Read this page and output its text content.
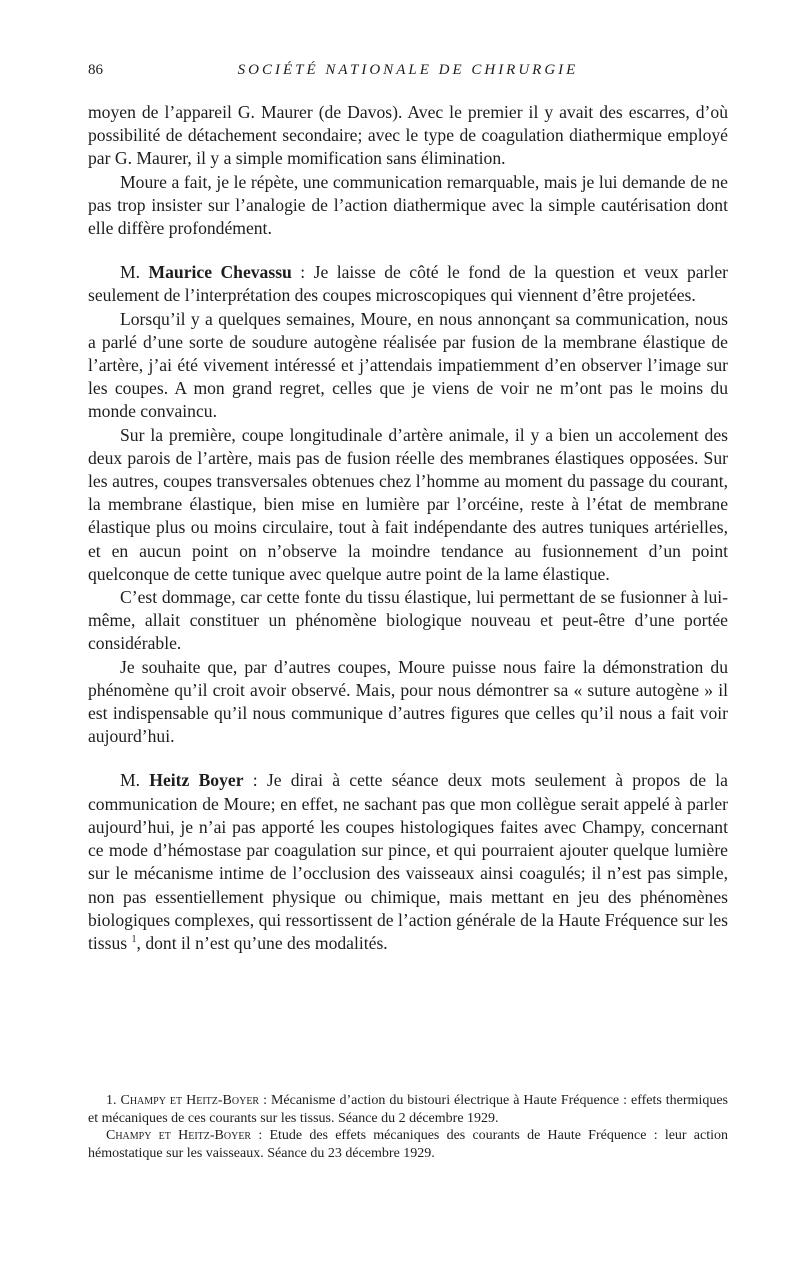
86	SOCIÉTÉ NATIONALE DE CHIRURGIE

moyen de l’appareil G. Maurer (de Davos). Avec le premier il y avait des escarres, d’où possibilité de détachement secondaire; avec le type de coagulation diathermique employé par G. Maurer, il y a simple momification sans élimination.

Moure a fait, je le répète, une communication remarquable, mais je lui demande de ne pas trop insister sur l’analogie de l’action diathermique avec la simple cautérisation dont elle diffère profondément.

M. Maurice Chevassu : Je laisse de côté le fond de la question et veux parler seulement de l’interprétation des coupes microscopiques qui viennent d’être projetées.

Lorsqu’il y a quelques semaines, Moure, en nous annonçant sa communication, nous a parlé d’une sorte de soudure autogène réalisée par fusion de la membrane élastique de l’artère, j’ai été vivement intéressé et j’attendais impatiemment d’en observer l’image sur les coupes. A mon grand regret, celles que je viens de voir ne m’ont pas le moins du monde convaincu.

Sur la première, coupe longitudinale d’artère animale, il y a bien un accolement des deux parois de l’artère, mais pas de fusion réelle des membranes élastiques opposées. Sur les autres, coupes transversales obtenues chez l’homme au moment du passage du courant, la membrane élastique, bien mise en lumière par l’orcéine, reste à l’état de membrane élastique plus ou moins circulaire, tout à fait indépendante des autres tuniques artérielles, et en aucun point on n’observe la moindre tendance au fusionnement d’un point quelconque de cette tunique avec quelque autre point de la lame élastique.

C’est dommage, car cette fonte du tissu élastique, lui permettant de se fusionner à lui-même, allait constituer un phénomène biologique nouveau et peut-être d’une portée considérable.

Je souhaite que, par d’autres coupes, Moure puisse nous faire la démonstration du phénomène qu’il croit avoir observé. Mais, pour nous démontrer sa « suture autogène » il est indispensable qu’il nous communique d’autres figures que celles qu’il nous a fait voir aujourd’hui.

M. Heitz Boyer : Je dirai à cette séance deux mots seulement à propos de la communication de Moure; en effet, ne sachant pas que mon collègue serait appelé à parler aujourd’hui, je n’ai pas apporté les coupes histologiques faites avec Champy, concernant ce mode d’hémostase par coagulation sur pince, et qui pourraient ajouter quelque lumière sur le mécanisme intime de l’occlusion des vaisseaux ainsi coagulés; il n’est pas simple, non pas essentiellement physique ou chimique, mais mettant en jeu des phénomènes biologiques complexes, qui ressortissent de l’action générale de la Haute Fréquence sur les tissus $^1$, dont il n’est qu’une des modalités.

1. Champy et Heitz-Boyer : Mécanisme d’action du bistouri électrique à Haute Fréquence : effets thermiques et mécaniques de ces courants sur les tissus. Séance du 2 décembre 1929.

Champy et Heitz-Boyer : Etude des effets mécaniques des courants de Haute Fréquence : leur action hémostatique sur les vaisseaux. Séance du 23 décembre 1929.
